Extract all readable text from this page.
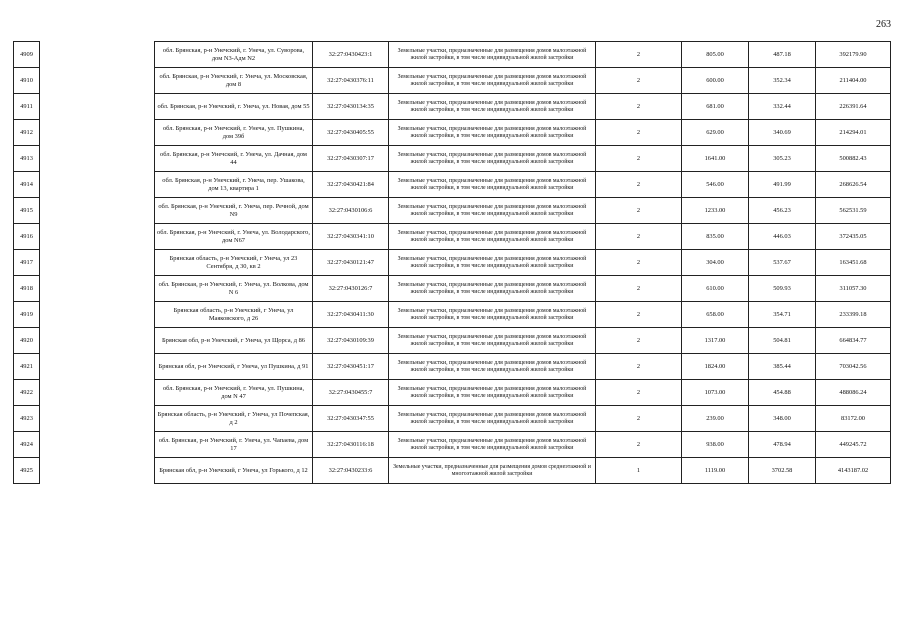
263
4909		обл. Брянская, р-н Унечский, г. Унеча, ул. Суворова, дом N3-Адм N2	32:27:0430423:1	Земельные участки, предназначенные для размещения домов малоэтажной жилой застройки, в том числе индивидуальной жилой застройки	2	805.00	487.18	392179.90
4910		обл. Брянская, р-н Унечский, г. Унеча, ул. Московская, дом 8	32:27:0430376:11	Земельные участки, предназначенные для размещения домов малоэтажной жилой застройки, в том числе индивидуальной жилой застройки	2	600.00	352.34	211404.00
4911		обл. Брянская, р-н Унечский, г. Унеча, ул. Новая, дом 55	32:27:0430134:35	Земельные участки, предназначенные для размещения домов малоэтажной жилой застройки, в том числе индивидуальной жилой застройки	2	681.00	332.44	226391.64
4912		обл. Брянская, р-н Унечский, г. Унеча, ул. Пушкина, дом 39б	32:27:0430405:55	Земельные участки, предназначенные для размещения домов малоэтажной жилой застройки, в том числе индивидуальной жилой застройки	2	629.00	340.69	214294.01
4913		обл. Брянская, р-н Унечский, г. Унеча, ул. Дачная, дом 44	32:27:0430307:17	Земельные участки, предназначенные для размещения домов малоэтажной жилой застройки, в том числе индивидуальной жилой застройки	2	1641.00	305.23	500882.43
4914		обл. Брянская, р-н Унечский, г. Унеча, пер. Ушакова, дом 13, квартира 1	32:27:0430421:84	Земельные участки, предназначенные для размещения домов малоэтажной жилой застройки, в том числе индивидуальной жилой застройки	2	546.00	491.99	268626.54
4915		обл. Брянская, р-н Унечский, г. Унеча, пер. Речной, дом N9	32:27:0430106:6	Земельные участки, предназначенные для размещения домов малоэтажной жилой застройки, в том числе индивидуальной жилой застройки	2	1233.00	456.23	562531.59
4916		обл. Брянская, р-н Унечский, г. Унеча, ул. Володарского, дом N67	32:27:0430341:10	Земельные участки, предназначенные для размещения домов малоэтажной жилой застройки, в том числе индивидуальной жилой застройки	2	835.00	446.03	372435.05
4917		Брянская область, р-н Унечский, г Унеча, ул 23 Сентября, д 30, кв 2	32:27:0430121:47	Земельные участки, предназначенные для размещения домов малоэтажной жилой застройки, в том числе индивидуальной жилой застройки	2	304.00	537.67	163451.68
4918		обл. Брянская, р-н Унечский, г. Унеча, ул. Волкова, дом N 6	32:27:0430126:7	Земельные участки, предназначенные для размещения домов малоэтажной жилой застройки, в том числе индивидуальной жилой застройки	2	610.00	509.93	311057.30
4919		Брянская область, р-н Унечский, г Унеча, ул Маяковского, д 26	32:27:0430411:30	Земельные участки, предназначенные для размещения домов малоэтажной жилой застройки, в том числе индивидуальной жилой застройки	2	658.00	354.71	233399.18
4920		Брянская обл, р-н Унечский, г Унеча, ул Щорса, д 86	32:27:0430109:39	Земельные участки, предназначенные для размещения домов малоэтажной жилой застройки, в том числе индивидуальной жилой застройки	2	1317.00	504.81	664834.77
4921		Брянская обл, р-н Унечский, г Унеча, ул Пушкина, д 91	32:27:0430451:17	Земельные участки, предназначенные для размещения домов малоэтажной жилой застройки, в том числе индивидуальной жилой застройки	2	1824.00	385.44	703042.56
4922		обл. Брянская, р-н Унечский, г. Унеча, ул. Пушкина, дом N 47	32:27:0430455:7	Земельные участки, предназначенные для размещения домов малоэтажной жилой застройки, в том числе индивидуальной жилой застройки	2	1073.00	454.88	488086.24
4923		Брянская область, р-н Унечский, г Унеча, ул Почепская, д 2	32:27:0430347:55	Земельные участки, предназначенные для размещения домов малоэтажной жилой застройки, в том числе индивидуальной жилой застройки	2	239.00	348.00	83172.00
4924		обл. Брянская, р-н Унечский, г. Унеча, ул. Чапаева, дом 17	32:27:0430116:18	Земельные участки, предназначенные для размещения домов малоэтажной жилой застройки, в том числе индивидуальной жилой застройки	2	938.00	478.94	449245.72
4925		Брянская обл, р-н Унечский, г Унеча, ул Горького, д 12	32:27:0430233:6	Земельные участки, предназначенные для размещения домов среднеэтажной и многоэтажной жилой застройки	1	1119.00	3702.58	4143187.02
